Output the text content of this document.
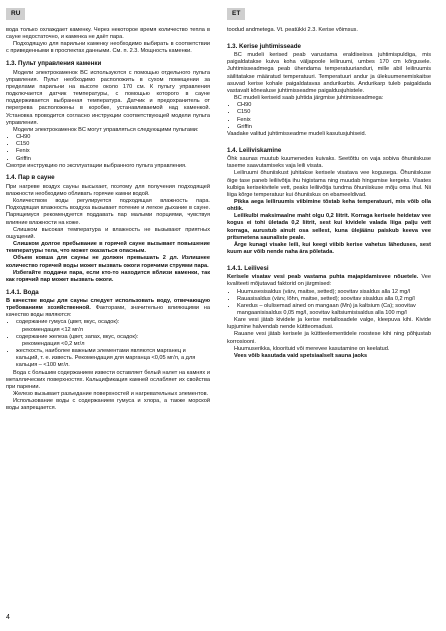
RU	ET

вода только охлаждает каменку. Через некоторое время количество тепла в сауне недостаточно, и каменка не даёт пара.

Подходящую для парильни каменку необходимо выбирать в соответствии с приведенными в проспектах данными. См. п. 2.3. Мощность каменки.

1.3. Пульт управления каменки

Модели электрокаменок BC используются с помощью отдельного пульта управления. Пульт необходимо расположить в сухом помещении за пределами парильни на высоте около 170 см. К пульту управления подключается датчик температуры, с помощью которого в сауне поддерживается выбранная температура. Датчик и предохранитель от перегрева расположены в коробке, устанавливаемой над каменкой. Установка проводится согласно инструкции соответствующей модели пульта управления.

Модели электрокаменок BC могут управляться следующими пультами:

• CH90
• C150
• Fenix
• Griffin

Смотри инструкцию по эксплуатации выбранного пульта управления.

1.4. Пар в сауне

При нагреве воздух сауны высыхает, поэтому для получения подходящей влажности необходимо обливать горячие камни водой.

Количеством воды регулируется подходящая влажность пара. Подходящая влажность воздуха вызывает потение и легкое дыхание в сауне. Парящемуся рекомендуется поддавать пар малыми порциями, чувствуя влияние влажности на коже.

Слишком высокая температура и влажность не вызывают приятных ощущений.

Слишком долгое пребывание в горячей сауне вызывает повышение температуры тела, что может оказаться опасным.

Объем ковша для сауны не должен превышать 2 дл. Излишнее количество горячей воды может вызвать ожоги горячими струями пара.

Избегайте поддачи пара, если кто-то находится вблизи каменки, так как горячий пар может вызвать ожоги.

1.4.1. Вода

В качестве воды для сауны следует использовать воду, отвечающую требованиям хозяйственной. Факторами, значительно влияющими на качество воды являются:

• содержание гумуса (цвет, вкус, осадок):
рекомендация <12 мг/л
• содержание железа (цвет, запах, вкус, осадок):
рекомендация <0,2 мг/л
• жесткость, наиболее важными элементами являются марганец и кальций, т. е. известь. Рекомендация для марганца <0,05 мг/л, а для кальция – <100 мг/л.

Вода с большим содержанием извести оставляет белый налет на камнях и металлических поверхностях. Кальцификация камней ослабляет их свойства при парении.

Железо вызывает разъедание поверхностей и нагревательных элементов.

Использование воды с содержанием гумуса и хлора, а также морской воды запрещается.

toodud andmetega. Vt. peatükki 2.3. Kerise võimsus.

1.3. Kerise juhtimisseade

BC mudeli kerised peab varustama eraldiseisva juhtimispuldiga, mis paigaldatakse kuiva koha väljapoole leiliruumi, umbes 170 cm kõrgusele. Juhtimisseadmega peab ühendama temperatuurianduri, mille abil leiliruumis säilitatakse määratud temperatuuri. Temperatuuri andur ja ülekuumenemiskaitse asuvad kerise kohale paigaldatavas andurikarbis. Andurikarp tuleb paigaldada vastavalt kõnealuse juhtimisseadme paigaldusjuhistele.

BC mudeli keriseid saab juhtida järgmise juhtimisseadmega:

• CH90
• C150
• Fenix
• Griffin

Vaadake valitud juhtimisseadme mudeli kasutusjuhiseid.

1.4. Leiliviskamine

Õhk saunas muutub kuumenedes kuivaks. Seetõttu on vaja sobiva õhuniiskuse taseme saavutamiseks vaja leili visata.

Leiliruumi õhuniiskust juhitakse kerisele visatava vee kogusega. Õhuniiskuse õige tase paneb leiliivõtja ihu higistama ning muudab hingamise kergeks. Visates kulbiga kerisekivitele vett, peaks leiliivõtja tundma õhuniiskuse mõju oma ihul. Nii liiga kõrge temperatuur kui õhuniiskus on ebameeldivad.

Pikka aega leiliruumis viibimine tõstab keha temperatuuri, mis võib olla ohtlik.

Leilikulbi maksimaalne maht olgu 0,2 liitrit. Korraga kerisele heidetav vee kogus ei tohi ületada 0,2 liitrit, sest kui kividele valada liiga palju vett korraga, aurustub ainult osa sellest, kuna ülejäänu paiskub keeva vee pritsmetena saunaliste peale.

Ärge kunagi visake leili, kui keegi viibib kerise vahetus läheduses, sest kuum aur võib nende naha ära põletada.

1.4.1. Leilivesi

Kerisele visatav vesi peab vastama puhta majapidamisvee nõuetele. Vee kvaliteeti mõjutavad faktorid on järgmised:

• Huumusesisaldus (värv, maitse, setted); soovitav sisaldus alla 12 mg/l
• Rauasisaldus (värv, lõhn, maitse, setted); soovitav sisaldus alla 0,2 mg/l
• Karedus – olulisemad ained on mangaan (Mn) ja kaltsium (Ca); soovitav mangaanisisaldus 0,05 mg/l, soovitav kaltsiumisisaldus alla 100 mg/l

Kare vesi jätab kividele ja kerise metallosadele valge, kleepuva kihi. Kivide lupjumine halvendab nende küttteomadusi.

Rauane vesi jätab kerisele ja küttteelementidele roostese kihi ning põhjustab korrosiooni.

Huumuserikka, kloorituid või merevee kasutamine on keelatud.

Vees võib kasutada vaid spetsiaalselt sauna jaoks

4
